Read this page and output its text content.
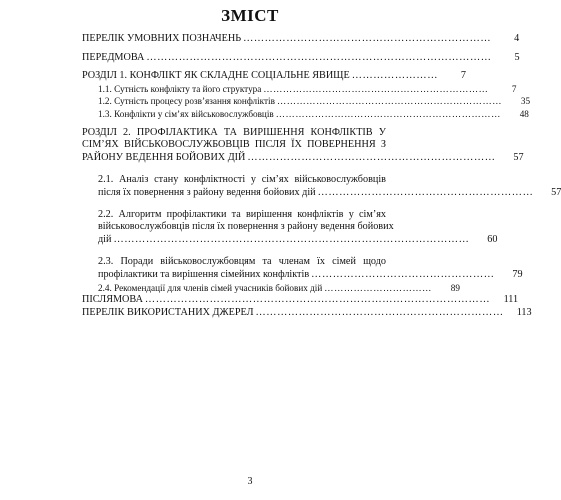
ЗМІСТ
ПЕРЕЛІК УМОВНИХ ПОЗНАЧЕНЬ ……………………………………………………………	4
ПЕРЕДМОВА ……………………………………………………………………………………	5
РОЗДІЛ 1. КОНФЛІКТ ЯК СКЛАДНЕ СОЦІАЛЬНЕ ЯВИЩЕ ……………………	7
1.1. Сутність конфлікту та його структура ……………………………………………………………	7
1.2. Сутність процесу розв’язання конфліктів ……………………………………………………………	35
1.3. Конфлікти у сім’ях військовослужбовців ……………………………………………………………	48
РОЗДІЛ 2. ПРОФІЛАКТИКА ТА ВИРІШЕННЯ КОНФЛІКТІВ У
СІМ’ЯХ ВІЙСЬКОВОСЛУЖБОВЦІВ ПІСЛЯ ЇХ ПОВЕРНЕННЯ З
РАЙОНУ ВЕДЕННЯ БОЙОВИХ ДІЙ ……………………………………………………………	57
2.1. Аналіз стану конфліктності у сім’ях військовослужбовців
після їх повернення з району ведення бойових дій ……………………………………………………	57
2.2. Алгоритм профілактики та вирішення конфліктів у сім’ях
військовослужбовців після їх повернення з району ведення бойових
дій ………………………………………………………………………………………	60
2.3. Поради військовослужбовцям та членам їх сімей щодо
профілактики та вирішення сімейних конфліктів ……………………………………………	79
2.4. Рекомендації для членів сімей учасників бойових дій ……………………………	89
ПІСЛЯМОВА ……………………………………………………………………………………	111
ПЕРЕЛІК ВИКОРИСТАНИХ ДЖЕРЕЛ ……………………………………………………………	113
3
